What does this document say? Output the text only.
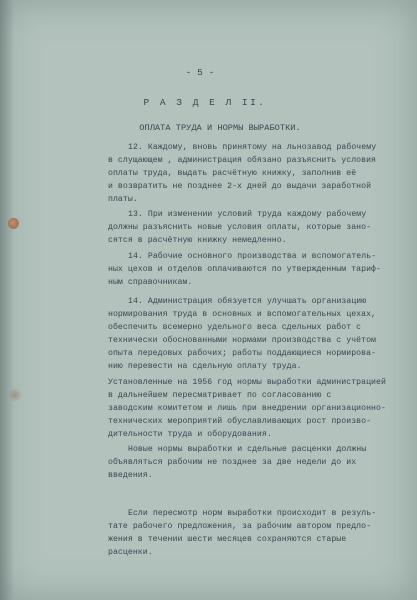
- 5 -
Р А З Д Е Л II.
ОПЛАТА ТРУДА И НОРМЫ ВЫРАБОТКИ.
12. Каждому, вновь принятому на льнозавод рабочему
в слущающем , администрация обязано разъяснить условия
оплаты труда, выдать расчётную книжку, заполнив её
и возвратить не позднее 2-х дней до выдачи заработной
платы.
13. При изменении условий труда каждому рабочему
должны разъяснить новые условия оплаты, которые зано-
сятся в расчётную книжку немедленно.
14. Рабочие основного производства и вспомогатель-
ных цехов и отделов оплачиваются по утвержденным тариф-
ным справочникам.
14. Администрация обязуется улучшать организацию
нормирования труда в основных и вспомогательных цехах,
обеспечить всемерно удельного веса сдельных работ с
технически обоснованными нормами производства с учётом
опыта передовых рабочих; работы поддающиеся нормирова-
нию перевести на сдельную оплату труда.
Установленные на 1956 год нормы выработки администрацией
в дальнейшем пересматривает по согласованию с
заводским комитетом и лишь при внедрении организационно-
технических мероприятий обуславливающих рост произво-
дительности труда и оборудования.
Новые нормы выработки и сдельные расценки должны
объявляться рабочим не позднее за две недели до их
введения.
Если пересмотр норм выработки происходит в резуль-
тате рабочего предложения, за рабочим автором предло-
жения в течении шести месяцев сохраняются старые
расценки.
